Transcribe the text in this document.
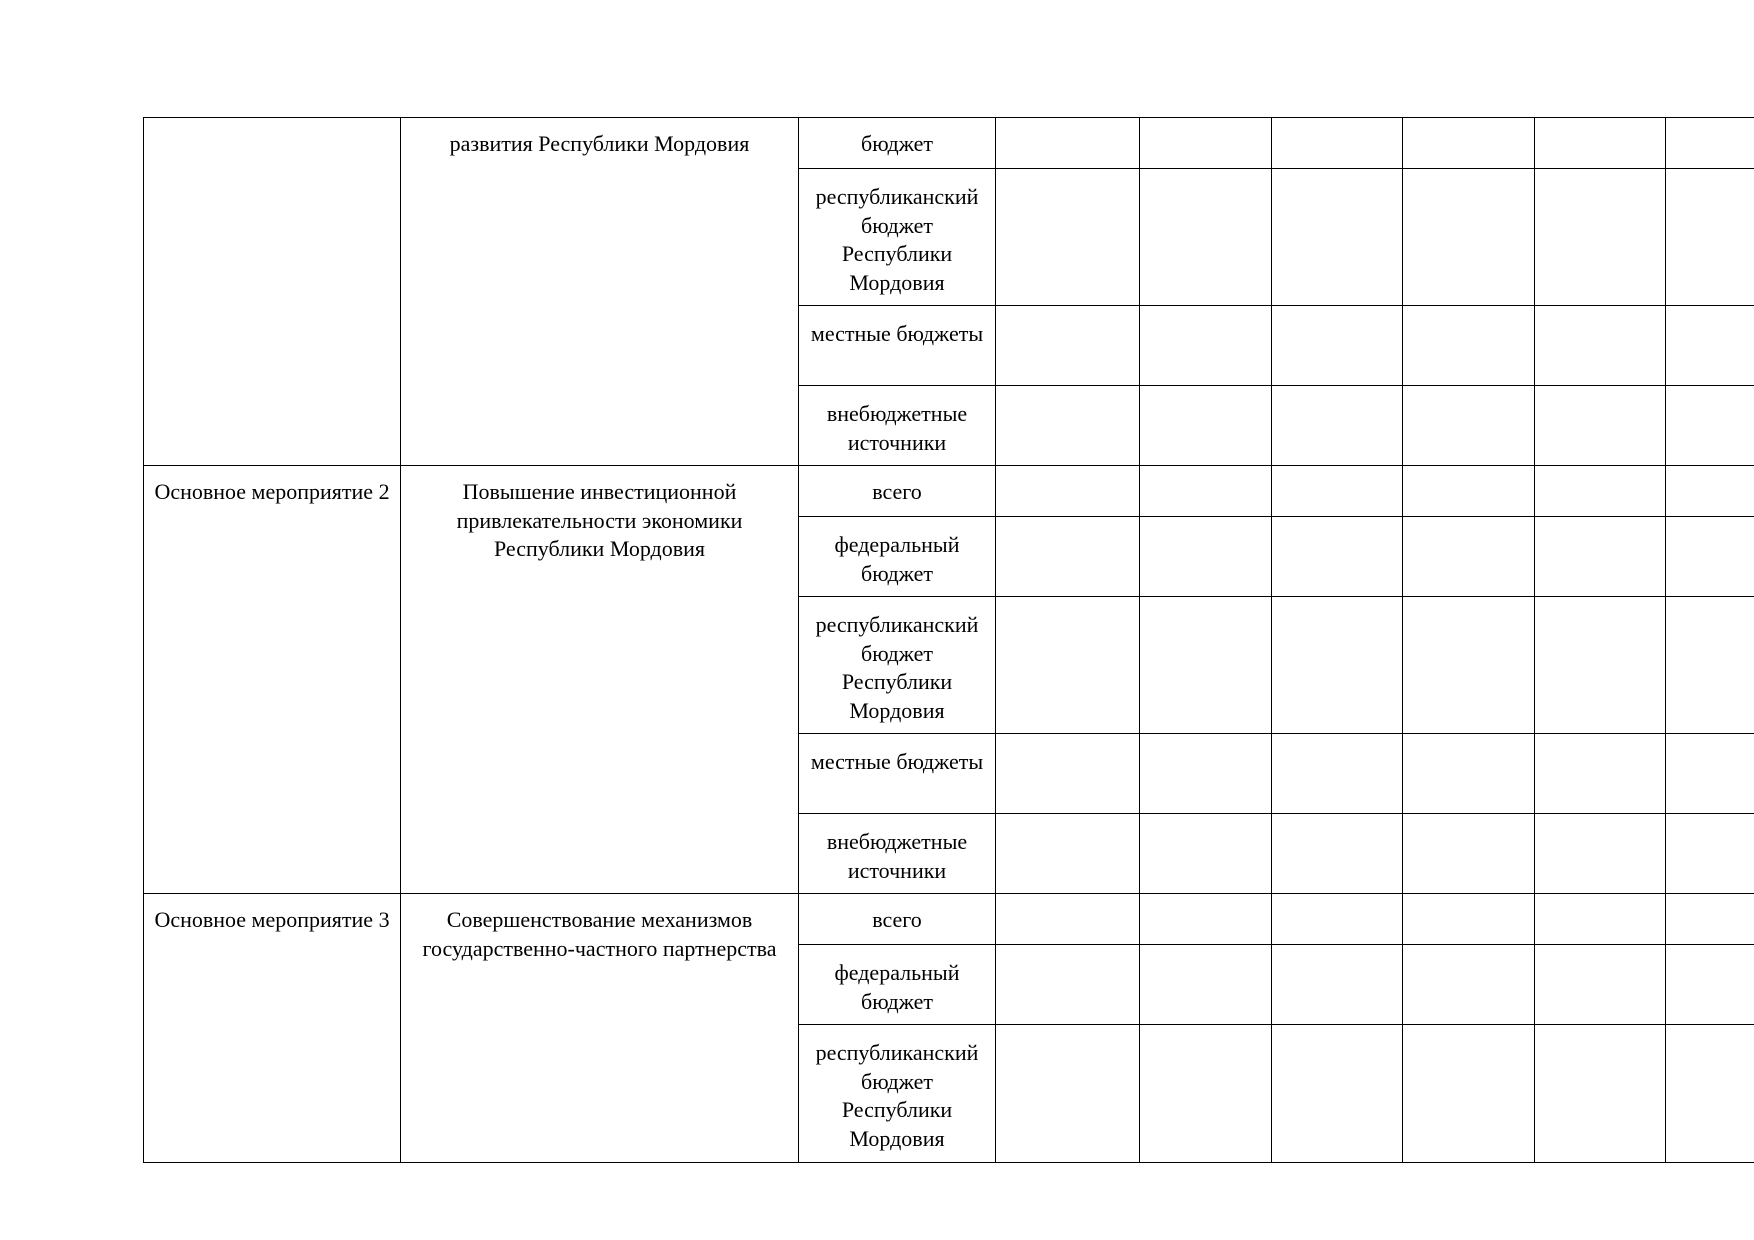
	развития Республики Мордовия	бюджет						
		республиканский бюджет Республики Мордовия						
		местные бюджеты						
		внебюджетные источники						
Основное мероприятие 2	Повышение инвестиционной привлекательности экономики Республики Мордовия	всего						
		федеральный бюджет						
		республиканский бюджет Республики Мордовия						
		местные бюджеты						
		внебюджетные источники						
Основное мероприятие 3	Совершенствование механизмов государственно-частного партнерства	всего						
		федеральный бюджет						
		республиканский бюджет Республики Мордовия						
